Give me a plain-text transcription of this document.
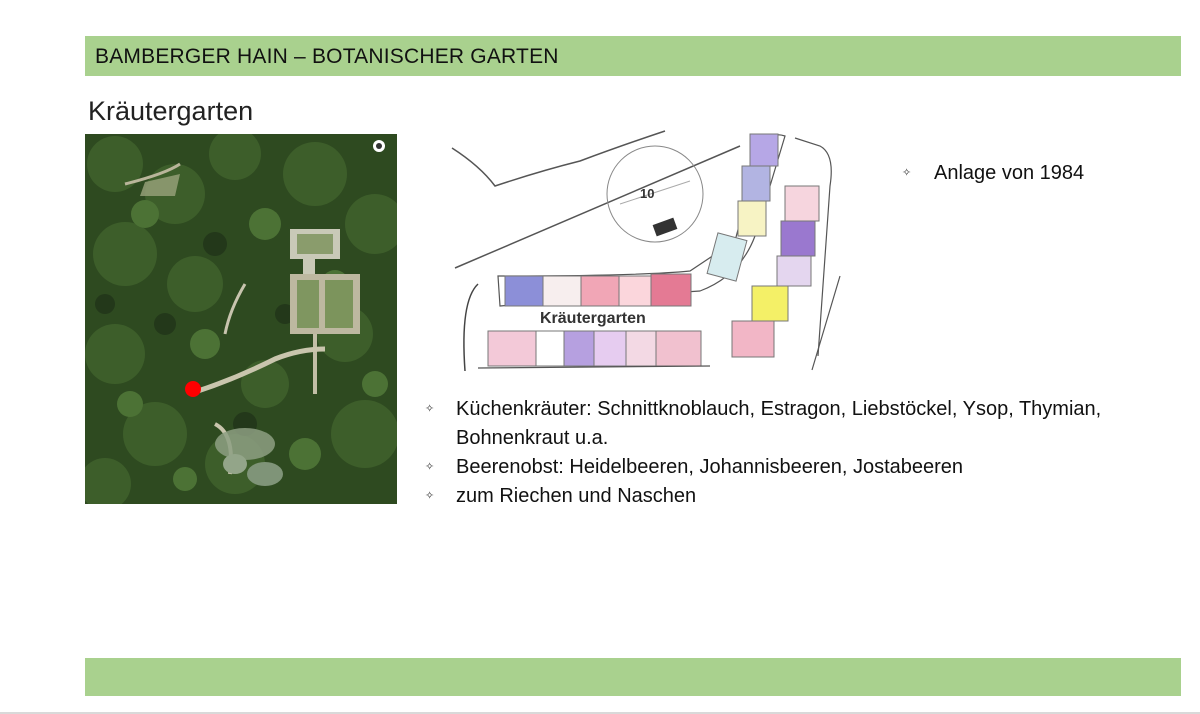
BAMBERGER HAIN – BOTANISCHER GARTEN
Kräutergarten
10
Kräutergarten
✧ Anlage von 1984
✧ Küchenkräuter: Schnittknoblauch, Estragon, Liebstöckel, Ysop, Thymian, Bohnenkraut u.a.
✧ Beerenobst: Heidelbeeren, Johannisbeeren, Jostabeeren
✧ zum Riechen und Naschen
